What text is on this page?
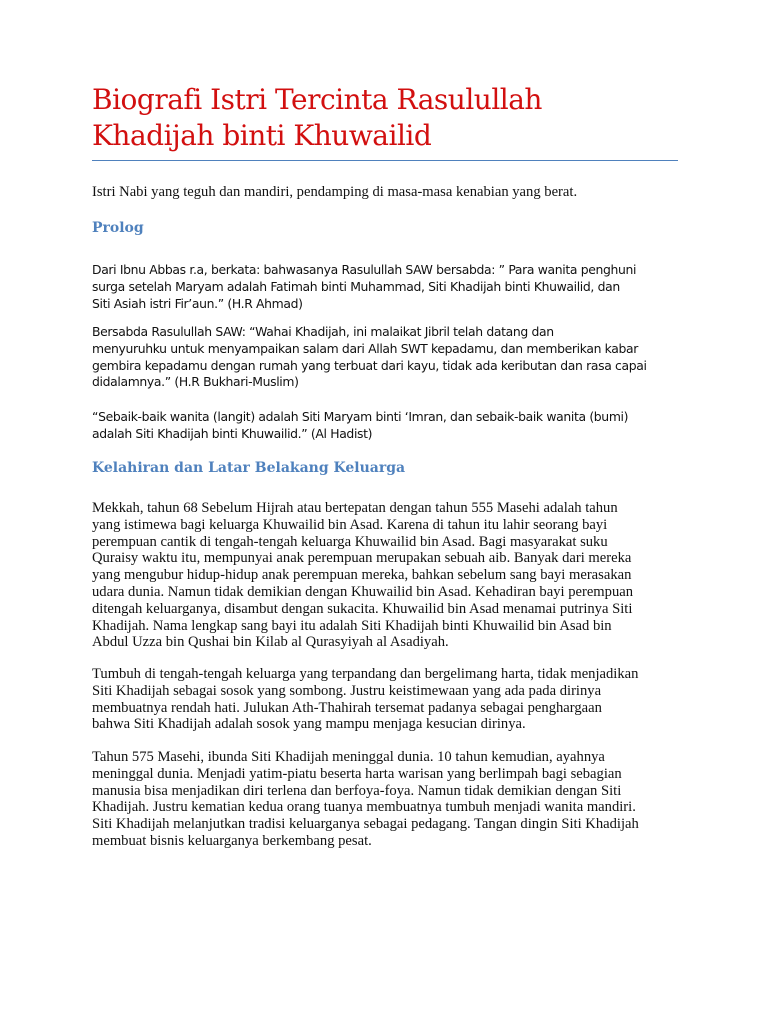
Biografi Istri Tercinta Rasulullah
Khadijah binti Khuwailid

Istri Nabi yang teguh dan mandiri, pendamping di masa-masa kenabian yang berat.

Prolog

Dari Ibnu Abbas r.a, berkata: bahwasanya Rasulullah SAW bersabda: ” Para wanita penghuni
surga setelah Maryam adalah Fatimah binti Muhammad, Siti Khadijah binti Khuwailid, dan
Siti Asiah istri Fir’aun.” (H.R Ahmad)

Bersabda Rasulullah SAW: “Wahai Khadijah, ini malaikat Jibril telah datang dan
menyuruhku untuk menyampaikan salam dari Allah SWT kepadamu, dan memberikan kabar
gembira kepadamu dengan rumah yang terbuat dari kayu, tidak ada keributan dan rasa capai
didalamnya.” (H.R Bukhari-Muslim)

“Sebaik-baik wanita (langit) adalah Siti Maryam binti ‘Imran, dan sebaik-baik wanita (bumi)
adalah Siti Khadijah binti Khuwailid.” (Al Hadist)

Kelahiran dan Latar Belakang Keluarga

Mekkah, tahun 68 Sebelum Hijrah atau bertepatan dengan tahun 555 Masehi adalah tahun
yang istimewa bagi keluarga Khuwailid bin Asad. Karena di tahun itu lahir seorang bayi
perempuan cantik di tengah-tengah keluarga Khuwailid bin Asad. Bagi masyarakat suku
Quraisy waktu itu, mempunyai anak perempuan merupakan sebuah aib. Banyak dari mereka
yang mengubur hidup-hidup anak perempuan mereka, bahkan sebelum sang bayi merasakan
udara dunia. Namun tidak demikian dengan Khuwailid bin Asad. Kehadiran bayi perempuan
ditengah keluarganya, disambut dengan sukacita. Khuwailid bin Asad menamai putrinya Siti
Khadijah. Nama lengkap sang bayi itu adalah Siti Khadijah binti Khuwailid bin Asad bin
Abdul Uzza bin Qushai bin Kilab al Qurasyiyah al Asadiyah.

Tumbuh di tengah-tengah keluarga yang terpandang dan bergelimang harta, tidak menjadikan
Siti Khadijah sebagai sosok yang sombong. Justru keistimewaan yang ada pada dirinya
membuatnya rendah hati. Julukan Ath-Thahirah tersemat padanya sebagai penghargaan
bahwa Siti Khadijah adalah sosok yang mampu menjaga kesucian dirinya.

Tahun 575 Masehi, ibunda Siti Khadijah meninggal dunia. 10 tahun kemudian, ayahnya
meninggal dunia. Menjadi yatim-piatu beserta harta warisan yang berlimpah bagi sebagian
manusia bisa menjadikan diri terlena dan berfoya-foya. Namun tidak demikian dengan Siti
Khadijah. Justru kematian kedua orang tuanya membuatnya tumbuh menjadi wanita mandiri.
Siti Khadijah melanjutkan tradisi keluarganya sebagai pedagang. Tangan dingin Siti Khadijah
membuat bisnis keluarganya berkembang pesat.
